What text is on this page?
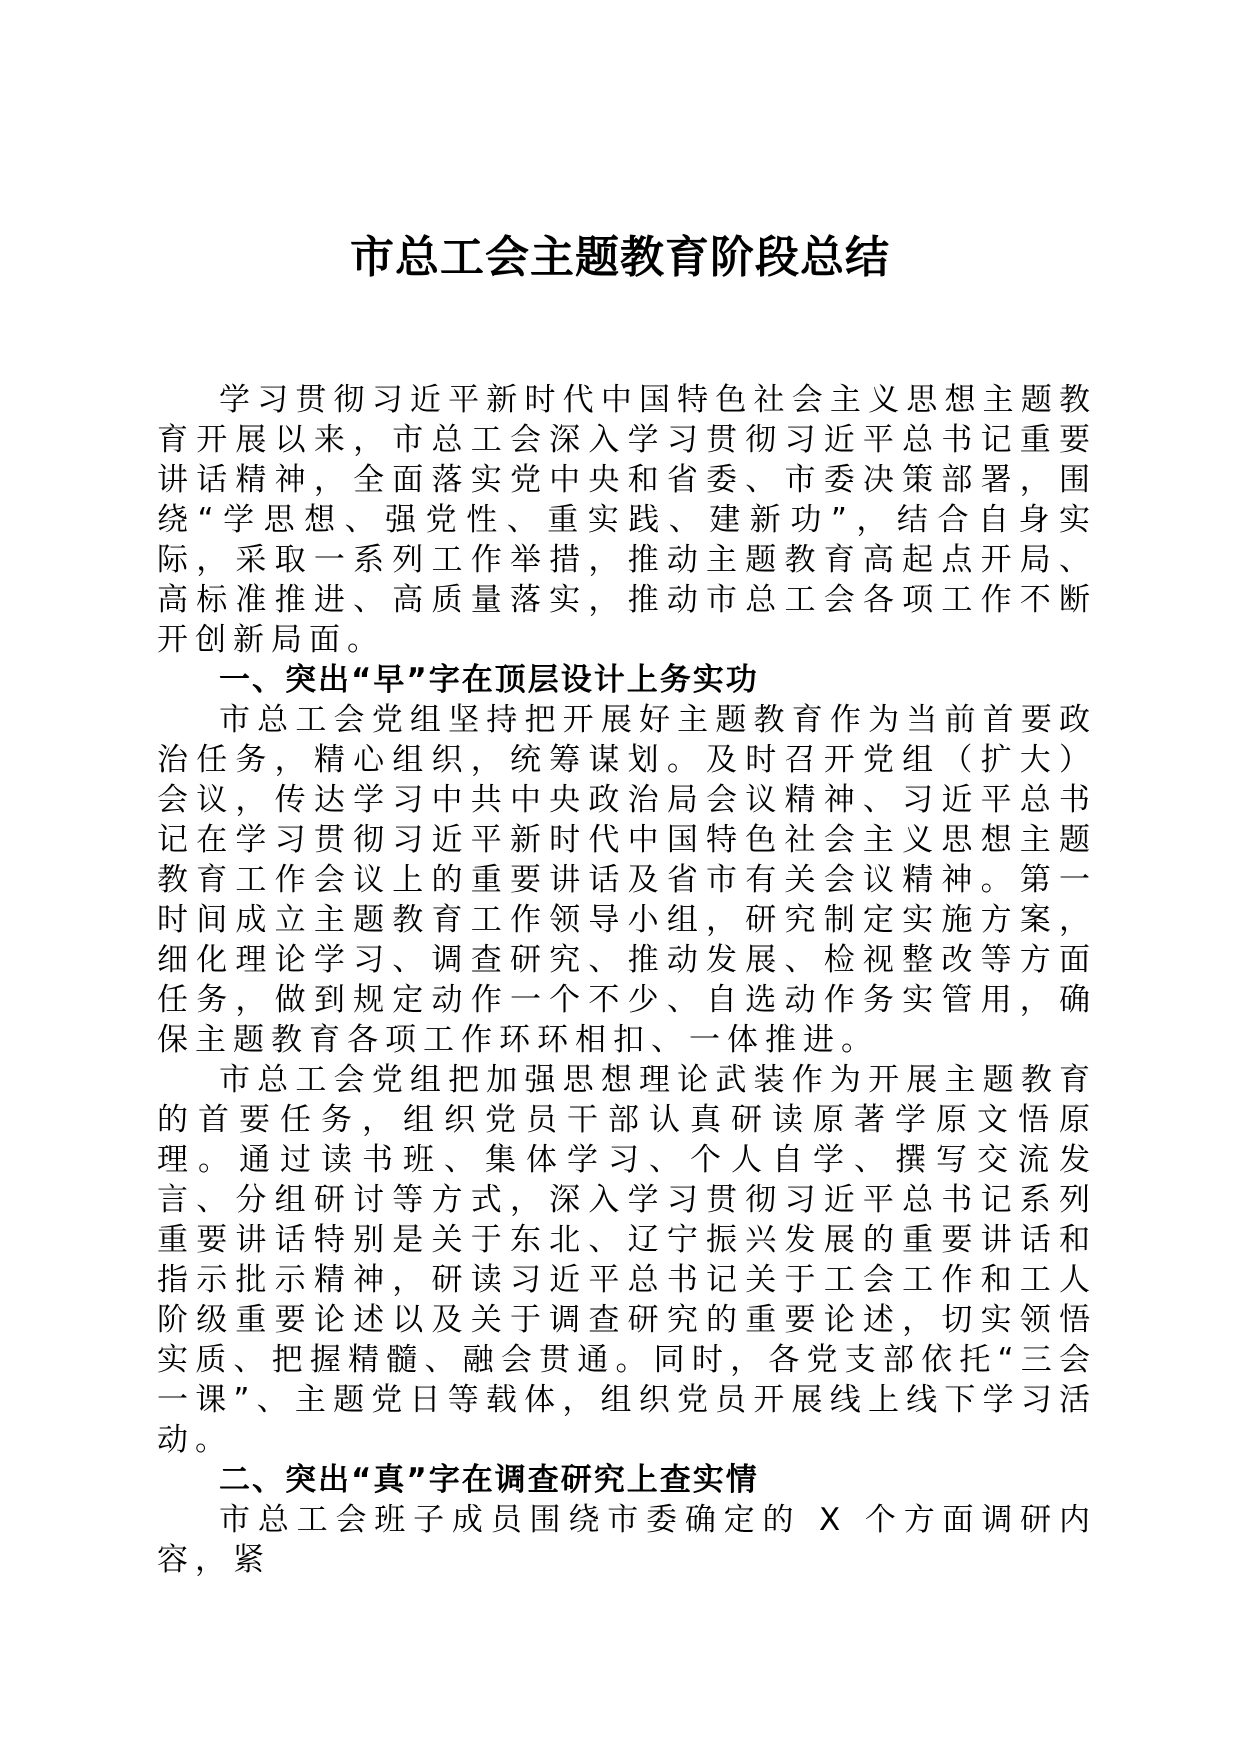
市总工会主题教育阶段总结

学习贯彻习近平新时代中国特色社会主义思想主题教育开展以来，市总工会深入学习贯彻习近平总书记重要讲话精神，全面落实党中央和省委、市委决策部署，围绕“学思想、强党性、重实践、建新功”，结合自身实际，采取一系列工作举措，推动主题教育高起点开局、高标准推进、高质量落实，推动市总工会各项工作不断开创新局面。

一、突出“早”字在顶层设计上务实功

市总工会党组坚持把开展好主题教育作为当前首要政治任务，精心组织，统筹谋划。及时召开党组（扩大）会议，传达学习中共中央政治局会议精神、习近平总书记在学习贯彻习近平新时代中国特色社会主义思想主题教育工作会议上的重要讲话及省市有关会议精神。第一时间成立主题教育工作领导小组，研究制定实施方案，细化理论学习、调查研究、推动发展、检视整改等方面任务，做到规定动作一个不少、自选动作务实管用，确保主题教育各项工作环环相扣、一体推进。

市总工会党组把加强思想理论武装作为开展主题教育的首要任务，组织党员干部认真研读原著学原文悟原理。通过读书班、集体学习、个人自学、撰写交流发言、分组研讨等方式，深入学习贯彻习近平总书记系列重要讲话特别是关于东北、辽宁振兴发展的重要讲话和指示批示精神，研读习近平总书记关于工会工作和工人阶级重要论述以及关于调查研究的重要论述，切实领悟实质、把握精髓、融会贯通。同时，各党支部依托“三会一课”、主题党日等载体，组织党员开展线上线下学习活动。

二、突出“真”字在调查研究上查实情

市总工会班子成员围绕市委确定的 X 个方面调研内容，紧
